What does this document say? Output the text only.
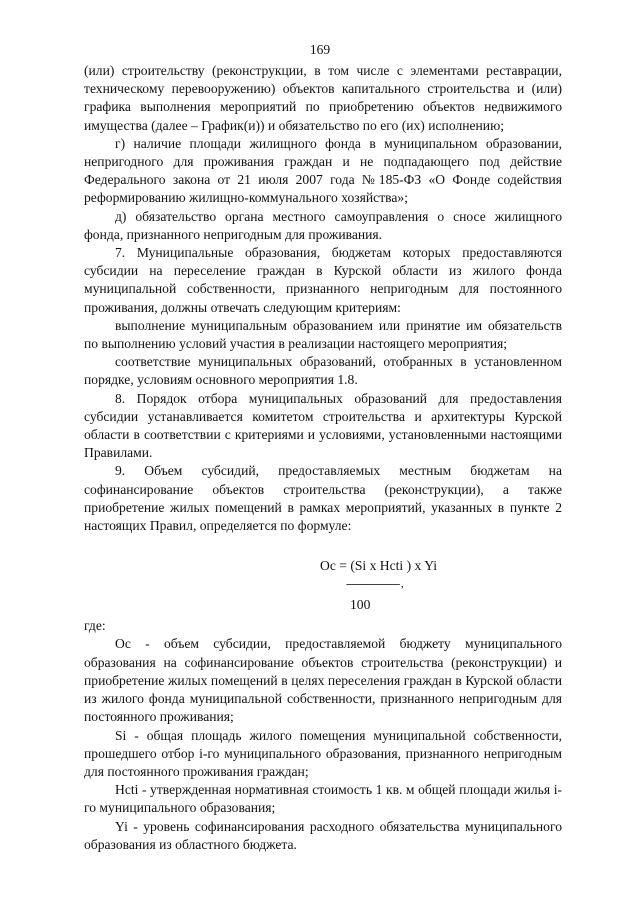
169

(или) строительству (реконструкции, в том числе с элементами реставрации, техническому перевооружению) объектов капитального строительства и (или) графика выполнения мероприятий по приобретению объектов недвижимого имущества (далее – График(и)) и обязательство по его (их) исполнению;

г) наличие площади жилищного фонда в муниципальном образовании, непригодного для проживания граждан и не подпадающего под действие Федерального закона от 21 июля 2007 года №185-ФЗ «О Фонде содействия реформированию жилищно-коммунального хозяйства»;

д) обязательство органа местного самоуправления о сносе жилищного фонда, признанного непригодным для проживания.

7. Муниципальные образования, бюджетам которых предоставляются субсидии на переселение граждан в Курской области из жилого фонда муниципальной собственности, признанного непригодным для постоянного проживания, должны отвечать следующим критериям:

выполнение муниципальным образованием или принятие им обязательств по выполнению условий участия в реализации настоящего мероприятия;

соответствие муниципальных образований, отобранных в установленном порядке, условиям основного мероприятия 1.8.

8. Порядок отбора муниципальных образований для предоставления субсидии устанавливается комитетом строительства и архитектуры Курской области в соответствии с критериями и условиями, установленными настоящими Правилами.

9. Объем субсидий, предоставляемых местным бюджетам на софинансирование объектов строительства (реконструкции), а также приобретение жилых помещений в рамках мероприятий, указанных в пункте 2 настоящих Правил, определяется по формуле:

Oc = (Si x Hcti ) x Yi
-------------------- ,
100

где:

Oc - объем субсидии, предоставляемой бюджету муниципального образования на софинансирование объектов строительства (реконструкции) и приобретение жилых помещений в целях переселения граждан в Курской области из жилого фонда муниципальной собственности, признанного непригодным для постоянного проживания;

Si - общая площадь жилого помещения муниципальной собственности, прошедшего отбор i-го муниципального образования, признанного непригодным для постоянного проживания граждан;

Hcti - утвержденная нормативная стоимость 1 кв. м общей площади жилья i-го муниципального образования;

Yi - уровень софинансирования расходного обязательства муниципального образования из областного бюджета.
